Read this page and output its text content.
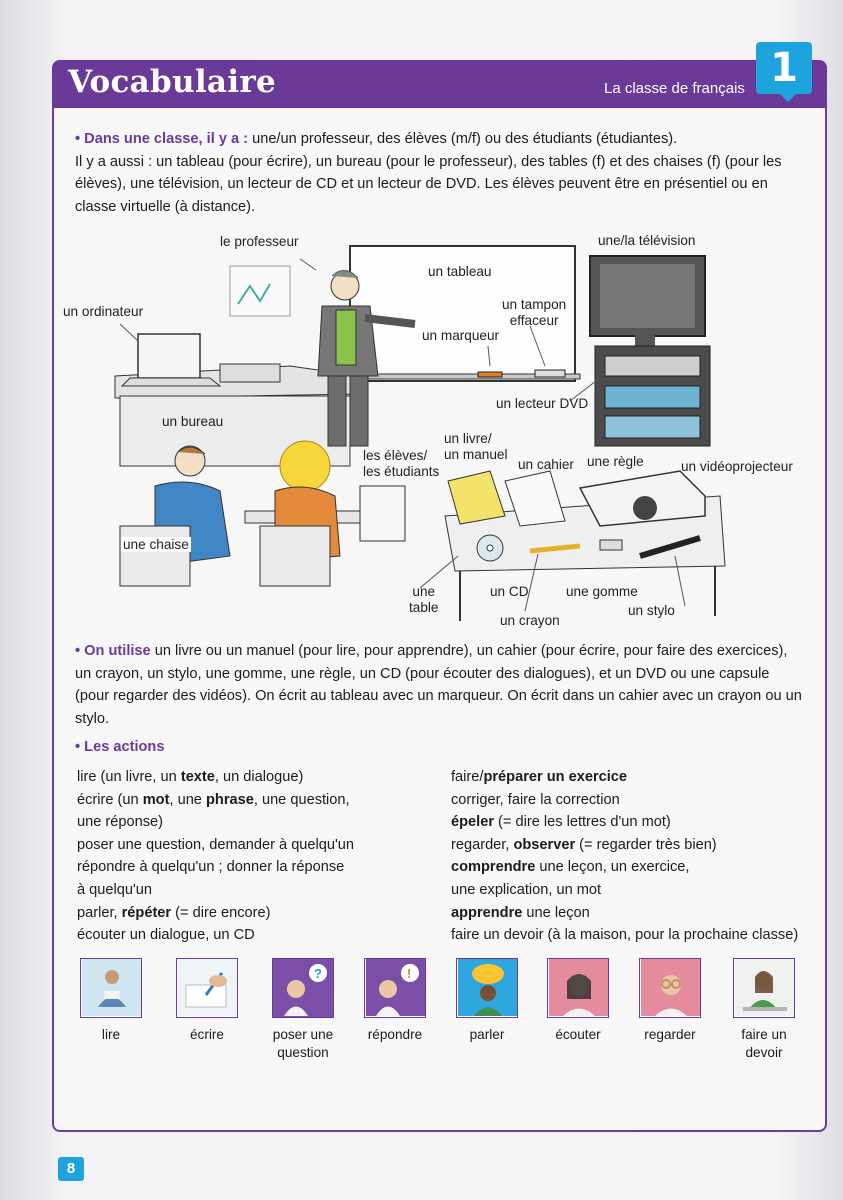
Vocabulaire	La classe de français 1
• Dans une classe, il y a : une/un professeur, des élèves (m/f) ou des étudiants (étudiantes).
Il y a aussi : un tableau (pour écrire), un bureau (pour le professeur), des tables (f) et des chaises (f) (pour les élèves), une télévision, un lecteur de CD et un lecteur de DVD. Les élèves peuvent être en présentiel ou en classe virtuelle (à distance).
le professeur
un tableau
une/la télévision
un ordinateur	un tampon
effaceur
un marqueur
un lecteur DVD
un bureau
un livre/
un manuel
un cahier une règle	un vidéoprojecteur
les élèves/
les étudiants
une chaise
une
table
un CD	une gomme
un crayon
un stylo
• On utilise un livre ou un manuel (pour lire, pour apprendre), un cahier (pour écrire, pour faire des exercices), un crayon, un stylo, une gomme, une règle, un CD (pour écouter des dialogues), et un DVD ou une capsule (pour regarder des vidéos). On écrit au tableau avec un marqueur. On écrit dans un cahier avec un crayon ou un stylo.
• Les actions
lire (un livre, un texte, un dialogue)
écrire (un mot, une phrase, une question,
une réponse)
poser une question, demander à quelqu'un
répondre à quelqu'un ; donner la réponse
à quelqu'un
parler, répéter (= dire encore)
écouter un dialogue, un CD
faire/préparer un exercice
corriger, faire la correction
épeler (= dire les lettres d'un mot)
regarder, observer (= regarder très bien)
comprendre une leçon, un exercice,
une explication, un mot
apprendre une leçon
faire un devoir (à la maison, pour la prochaine classe)
lire	écrire
?
poser une
question
!
répondre	parler	écouter	regarder	faire un
devoir
8
